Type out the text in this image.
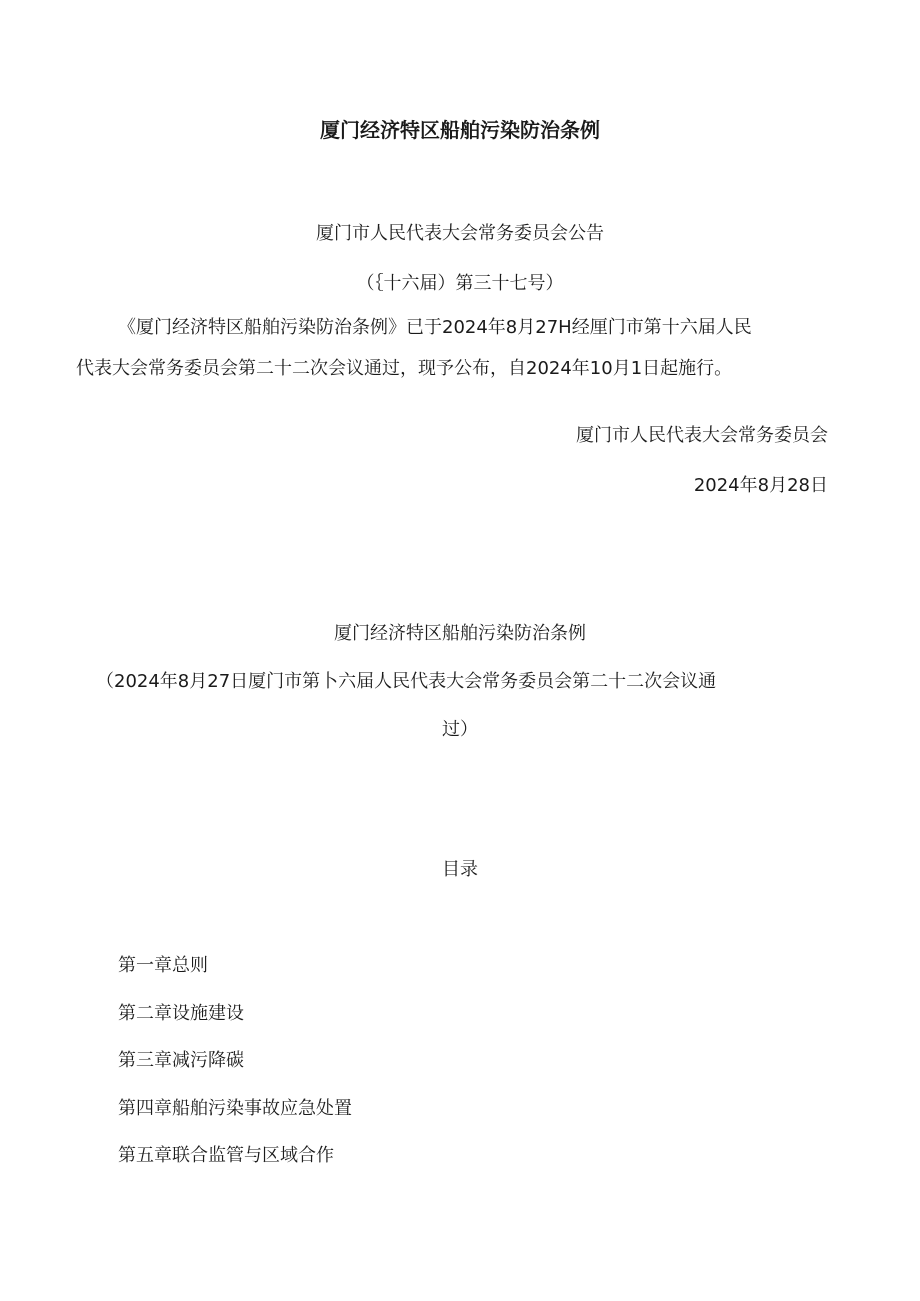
厦门经济特区船舶污染防治条例

厦门市人民代表大会常务委员会公告

（｛十六届）第三十七号）

《厦门经济特区船舶污染防治条例》已于2024年8月27H经厘门市第十六届人民

代表大会常务委员会第二十二次会议通过，现予公布，自2024年10月1日起施行。

厦门市人民代表大会常务委员会

2024年8月28日

厦门经济特区船舶污染防治条例

（2024年8月27日厦门市第卜六届人民代表大会常务委员会第二十二次会议通

过）

目录

第一章总则
第二章设施建设
第三章减污降碳
第四章船舶污染事故应急处置
第五章联合监管与区域合作
